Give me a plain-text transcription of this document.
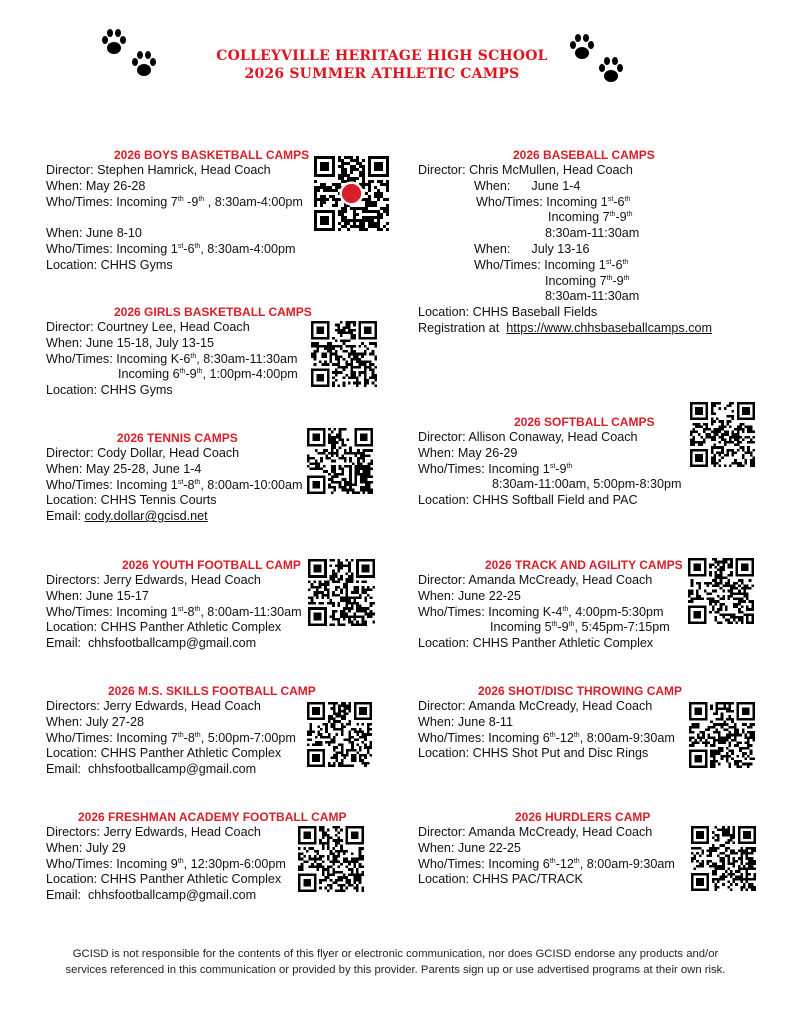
COLLEYVILLE HERITAGE HIGH SCHOOL
2026 SUMMER ATHLETIC CAMPS
2026 BOYS BASKETBALL CAMPS
Director: Stephen Hamrick, Head Coach
When: May 26-28
Who/Times: Incoming 7th -9th , 8:30am-4:00pm
When: June 8-10
Who/Times: Incoming 1st-6th, 8:30am-4:00pm
Location: CHHS Gyms
2026 GIRLS BASKETBALL CAMPS
Director: Courtney Lee, Head Coach
When: June 15-18, July 13-15
Who/Times: Incoming K-6th, 8:30am-11:30am
Incoming 6th-9th, 1:00pm-4:00pm
Location: CHHS Gyms
2026 TENNIS CAMPS
Director: Cody Dollar, Head Coach
When: May 25-28, June 1-4
Who/Times: Incoming 1st-8th, 8:00am-10:00am
Location: CHHS Tennis Courts
Email: cody.dollar@gcisd.net
2026 YOUTH FOOTBALL CAMP
Directors: Jerry Edwards, Head Coach
When: June 15-17
Who/Times: Incoming 1st-8th, 8:00am-11:30am
Location: CHHS Panther Athletic Complex
Email:  chhsfootballcamp@gmail.com
2026 M.S. SKILLS FOOTBALL CAMP
Directors: Jerry Edwards, Head Coach
When: July 27-28
Who/Times: Incoming 7th-8th, 5:00pm-7:00pm
Location: CHHS Panther Athletic Complex
Email:  chhsfootballcamp@gmail.com
2026 FRESHMAN ACADEMY FOOTBALL CAMP
Directors: Jerry Edwards, Head Coach
When: July 29
Who/Times: Incoming 9th, 12:30pm-6:00pm
Location: CHHS Panther Athletic Complex
Email:  chhsfootballcamp@gmail.com
2026 BASEBALL CAMPS
Director: Chris McMullen, Head Coach
When:      June 1-4
Who/Times: Incoming 1st-6th
Incoming 7th-9th
8:30am-11:30am
When:      July 13-16
Who/Times: Incoming 1st-6th
Incoming 7th-9th
8:30am-11:30am
Location: CHHS Baseball Fields
Registration at  https://www.chhsbaseballcamps.com
2026 SOFTBALL CAMPS
Director: Allison Conaway, Head Coach
When: May 26-29
Who/Times: Incoming 1st-9th
8:30am-11:00am, 5:00pm-8:30pm
Location: CHHS Softball Field and PAC
2026 TRACK AND AGILITY CAMPS
Director: Amanda McCready, Head Coach
When: June 22-25
Who/Times: Incoming K-4th, 4:00pm-5:30pm
Incoming 5th-9th, 5:45pm-7:15pm
Location: CHHS Panther Athletic Complex
2026 SHOT/DISC THROWING CAMP
Director: Amanda McCready, Head Coach
When: June 8-11
Who/Times: Incoming 6th-12th, 8:00am-9:30am
Location: CHHS Shot Put and Disc Rings
2026 HURDLERS CAMP
Director: Amanda McCready, Head Coach
When: June 22-25
Who/Times: Incoming 6th-12th, 8:00am-9:30am
Location: CHHS PAC/TRACK
GCISD is not responsible for the contents of this flyer or electronic communication, nor does GCISD endorse any products and/or
services referenced in this communication or provided by this provider. Parents sign up or use advertised programs at their own risk.
